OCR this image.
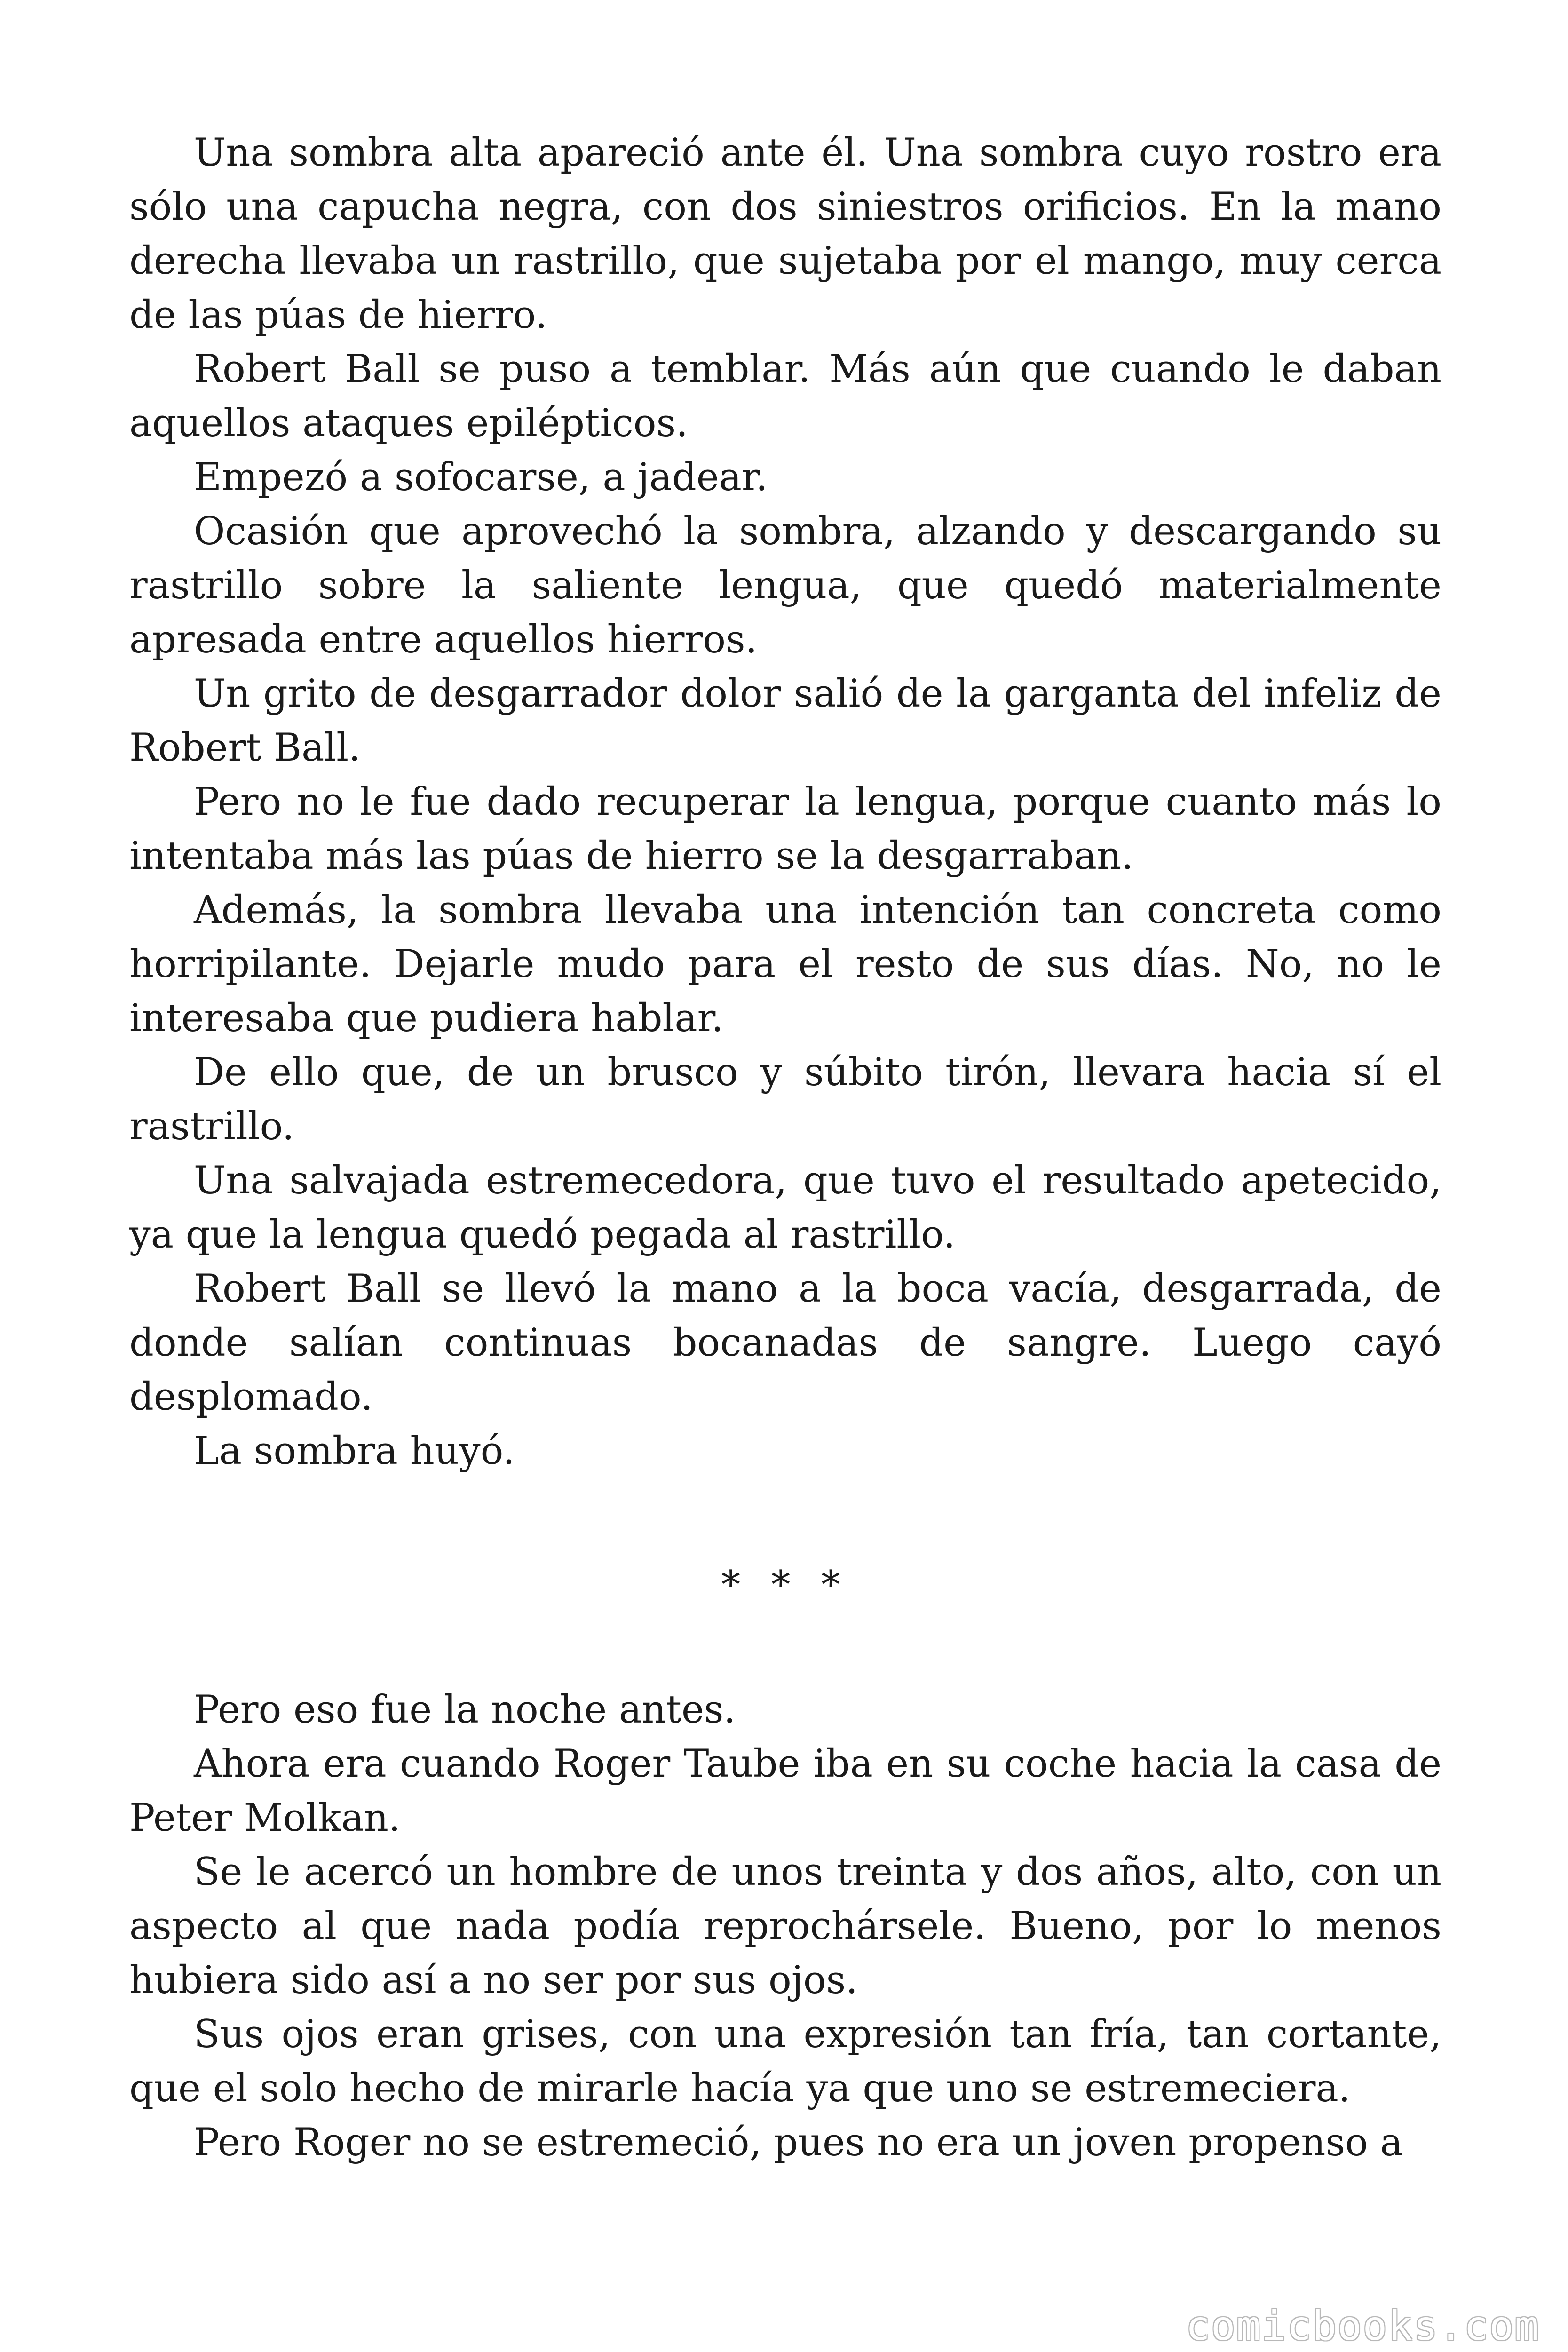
Una sombra alta apareció ante él. Una sombra cuyo rostro era sólo una capucha negra, con dos siniestros orificios. En la mano derecha llevaba un rastrillo, que sujetaba por el mango, muy cerca de las púas de hierro.

Robert Ball se puso a temblar. Más aún que cuando le daban aquellos ataques epilépticos.

Empezó a sofocarse, a jadear.

Ocasión que aprovechó la sombra, alzando y descargando su rastrillo sobre la saliente lengua, que quedó materialmente apresada entre aquellos hierros.

Un grito de desgarrador dolor salió de la garganta del infeliz de Robert Ball.

Pero no le fue dado recuperar la lengua, porque cuanto más lo intentaba más las púas de hierro se la desgarraban.

Además, la sombra llevaba una intención tan concreta como horripilante. Dejarle mudo para el resto de sus días. No, no le interesaba que pudiera hablar.

De ello que, de un brusco y súbito tirón, llevara hacia sí el rastrillo.

Una salvajada estremecedora, que tuvo el resultado apetecido, ya que la lengua quedó pegada al rastrillo.

Robert Ball se llevó la mano a la boca vacía, desgarrada, de donde salían continuas bocanadas de sangre. Luego cayó desplomado.

La sombra huyó.

* * *

Pero eso fue la noche antes.

Ahora era cuando Roger Taube iba en su coche hacia la casa de Peter Molkan.

Se le acercó un hombre de unos treinta y dos años, alto, con un aspecto al que nada podía reprochársele. Bueno, por lo menos hubiera sido así a no ser por sus ojos.

Sus ojos eran grises, con una expresión tan fría, tan cortante, que el solo hecho de mirarle hacía ya que uno se estremeciera.

Pero Roger no se estremeció, pues no era un joven propenso a

comicbooks.com
